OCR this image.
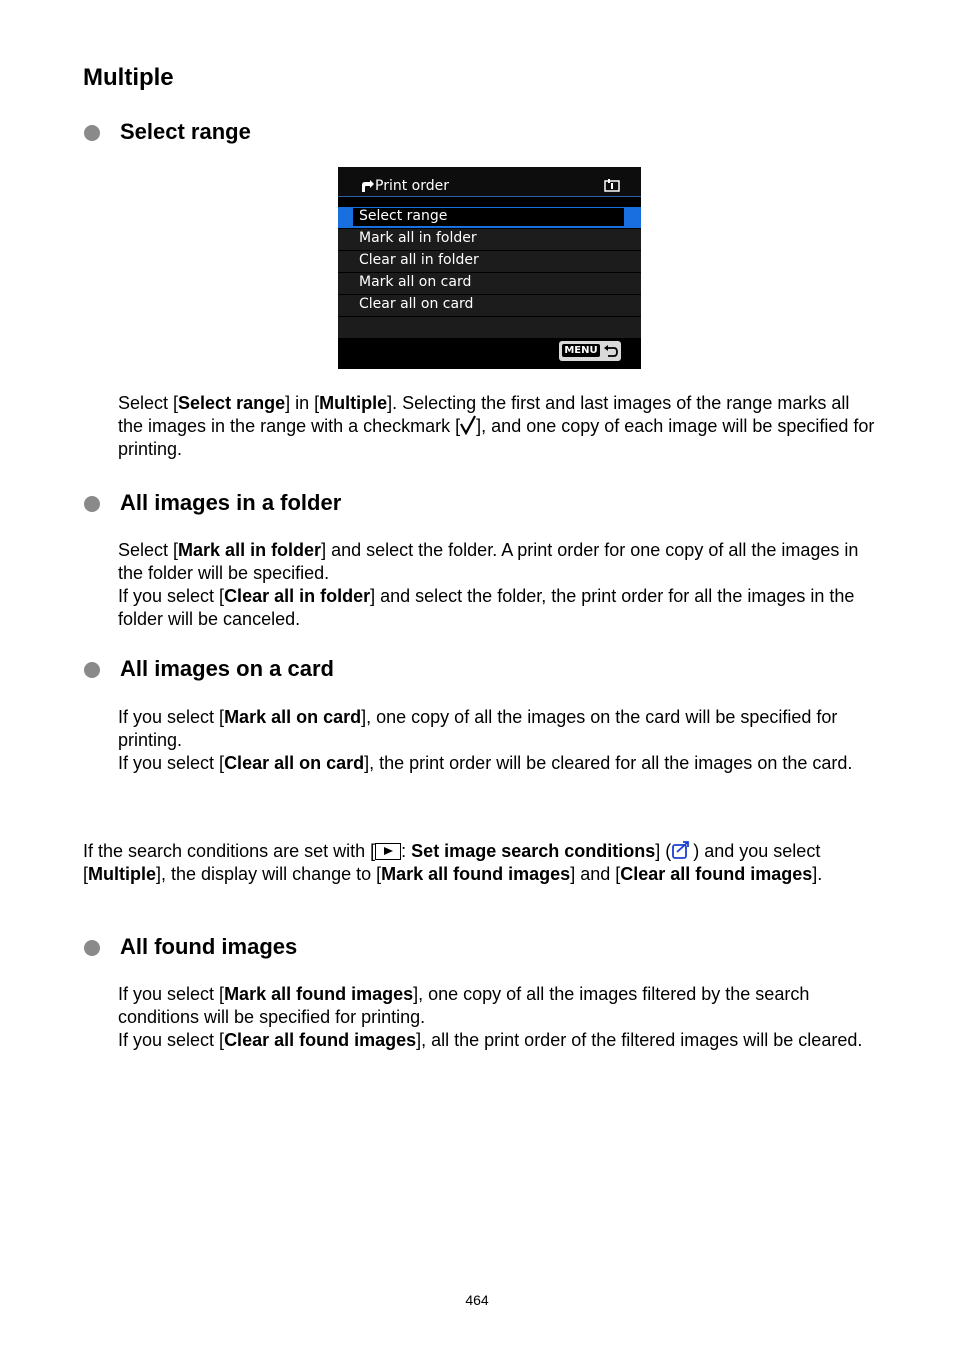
Multiple
Select range
Print order
Select range
Mark all in folder
Clear all in folder
Mark all on card
Clear all on card
MENU

Select [Select range] in [Multiple]. Selecting the first and last images of the range marks all the images in the range with a checkmark [ ], and one copy of each image will be specified for printing.

All images in a folder

Select [Mark all in folder] and select the folder. A print order for one copy of all the images in the folder will be specified.

If you select [Clear all in folder] and select the folder, the print order for all the images in the folder will be canceled.

All images on a card

If you select [Mark all on card], one copy of all the images on the card will be specified for printing.

If you select [Clear all on card], the print order will be cleared for all the images on the card.

If the search conditions are set with [ : Set image search conditions] ( ) and you select [Multiple], the display will change to [Mark all found images] and [Clear all found images].

All found images

If you select [Mark all found images], one copy of all the images filtered by the search conditions will be specified for printing.

If you select [Clear all found images], all the print order of the filtered images will be cleared.

464
